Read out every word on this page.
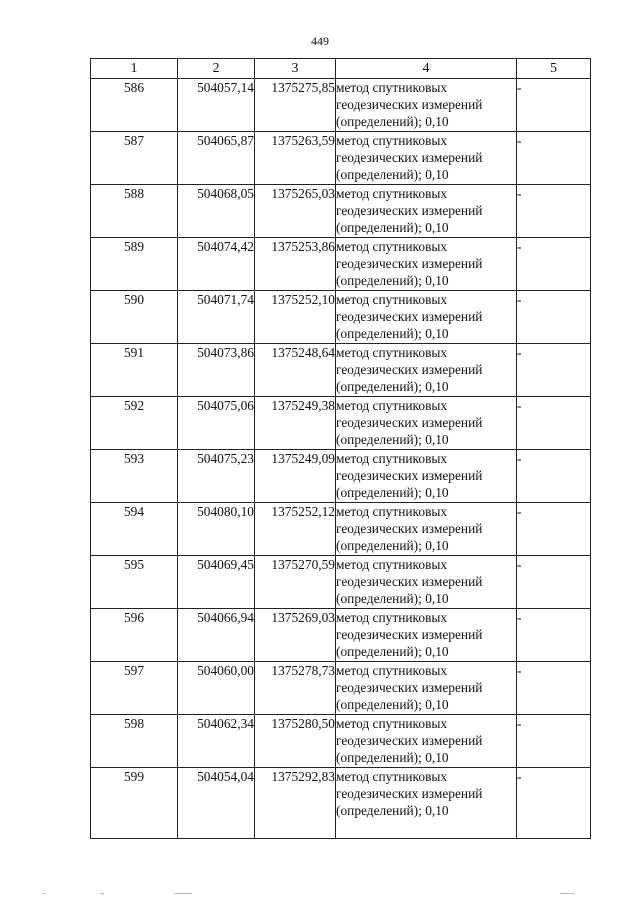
449
1	2	3	4	5
586	504057,14	1375275,85	метод спутниковых
геодезических измерений
(определений); 0,10	-
587	504065,87	1375263,59	метод спутниковых
геодезических измерений
(определений); 0,10	-
588	504068,05	1375265,03	метод спутниковых
геодезических измерений
(определений); 0,10	-
589	504074,42	1375253,86	метод спутниковых
геодезических измерений
(определений); 0,10	-
590	504071,74	1375252,10	метод спутниковых
геодезических измерений
(определений); 0,10	-
591	504073,86	1375248,64	метод спутниковых
геодезических измерений
(определений); 0,10	-
592	504075,06	1375249,38	метод спутниковых
геодезических измерений
(определений); 0,10	-
593	504075,23	1375249,09	метод спутниковых
геодезических измерений
(определений); 0,10	-
594	504080,10	1375252,12	метод спутниковых
геодезических измерений
(определений); 0,10	-
595	504069,45	1375270,59	метод спутниковых
геодезических измерений
(определений); 0,10	-
596	504066,94	1375269,03	метод спутниковых
геодезических измерений
(определений); 0,10	-
597	504060,00	1375278,73	метод спутниковых
геодезических измерений
(определений); 0,10	-
598	504062,34	1375280,50	метод спутниковых
геодезических измерений
(определений); 0,10	-
599	504054,04	1375292,83	метод спутниковых
геодезических измерений
(определений); 0,10	-
